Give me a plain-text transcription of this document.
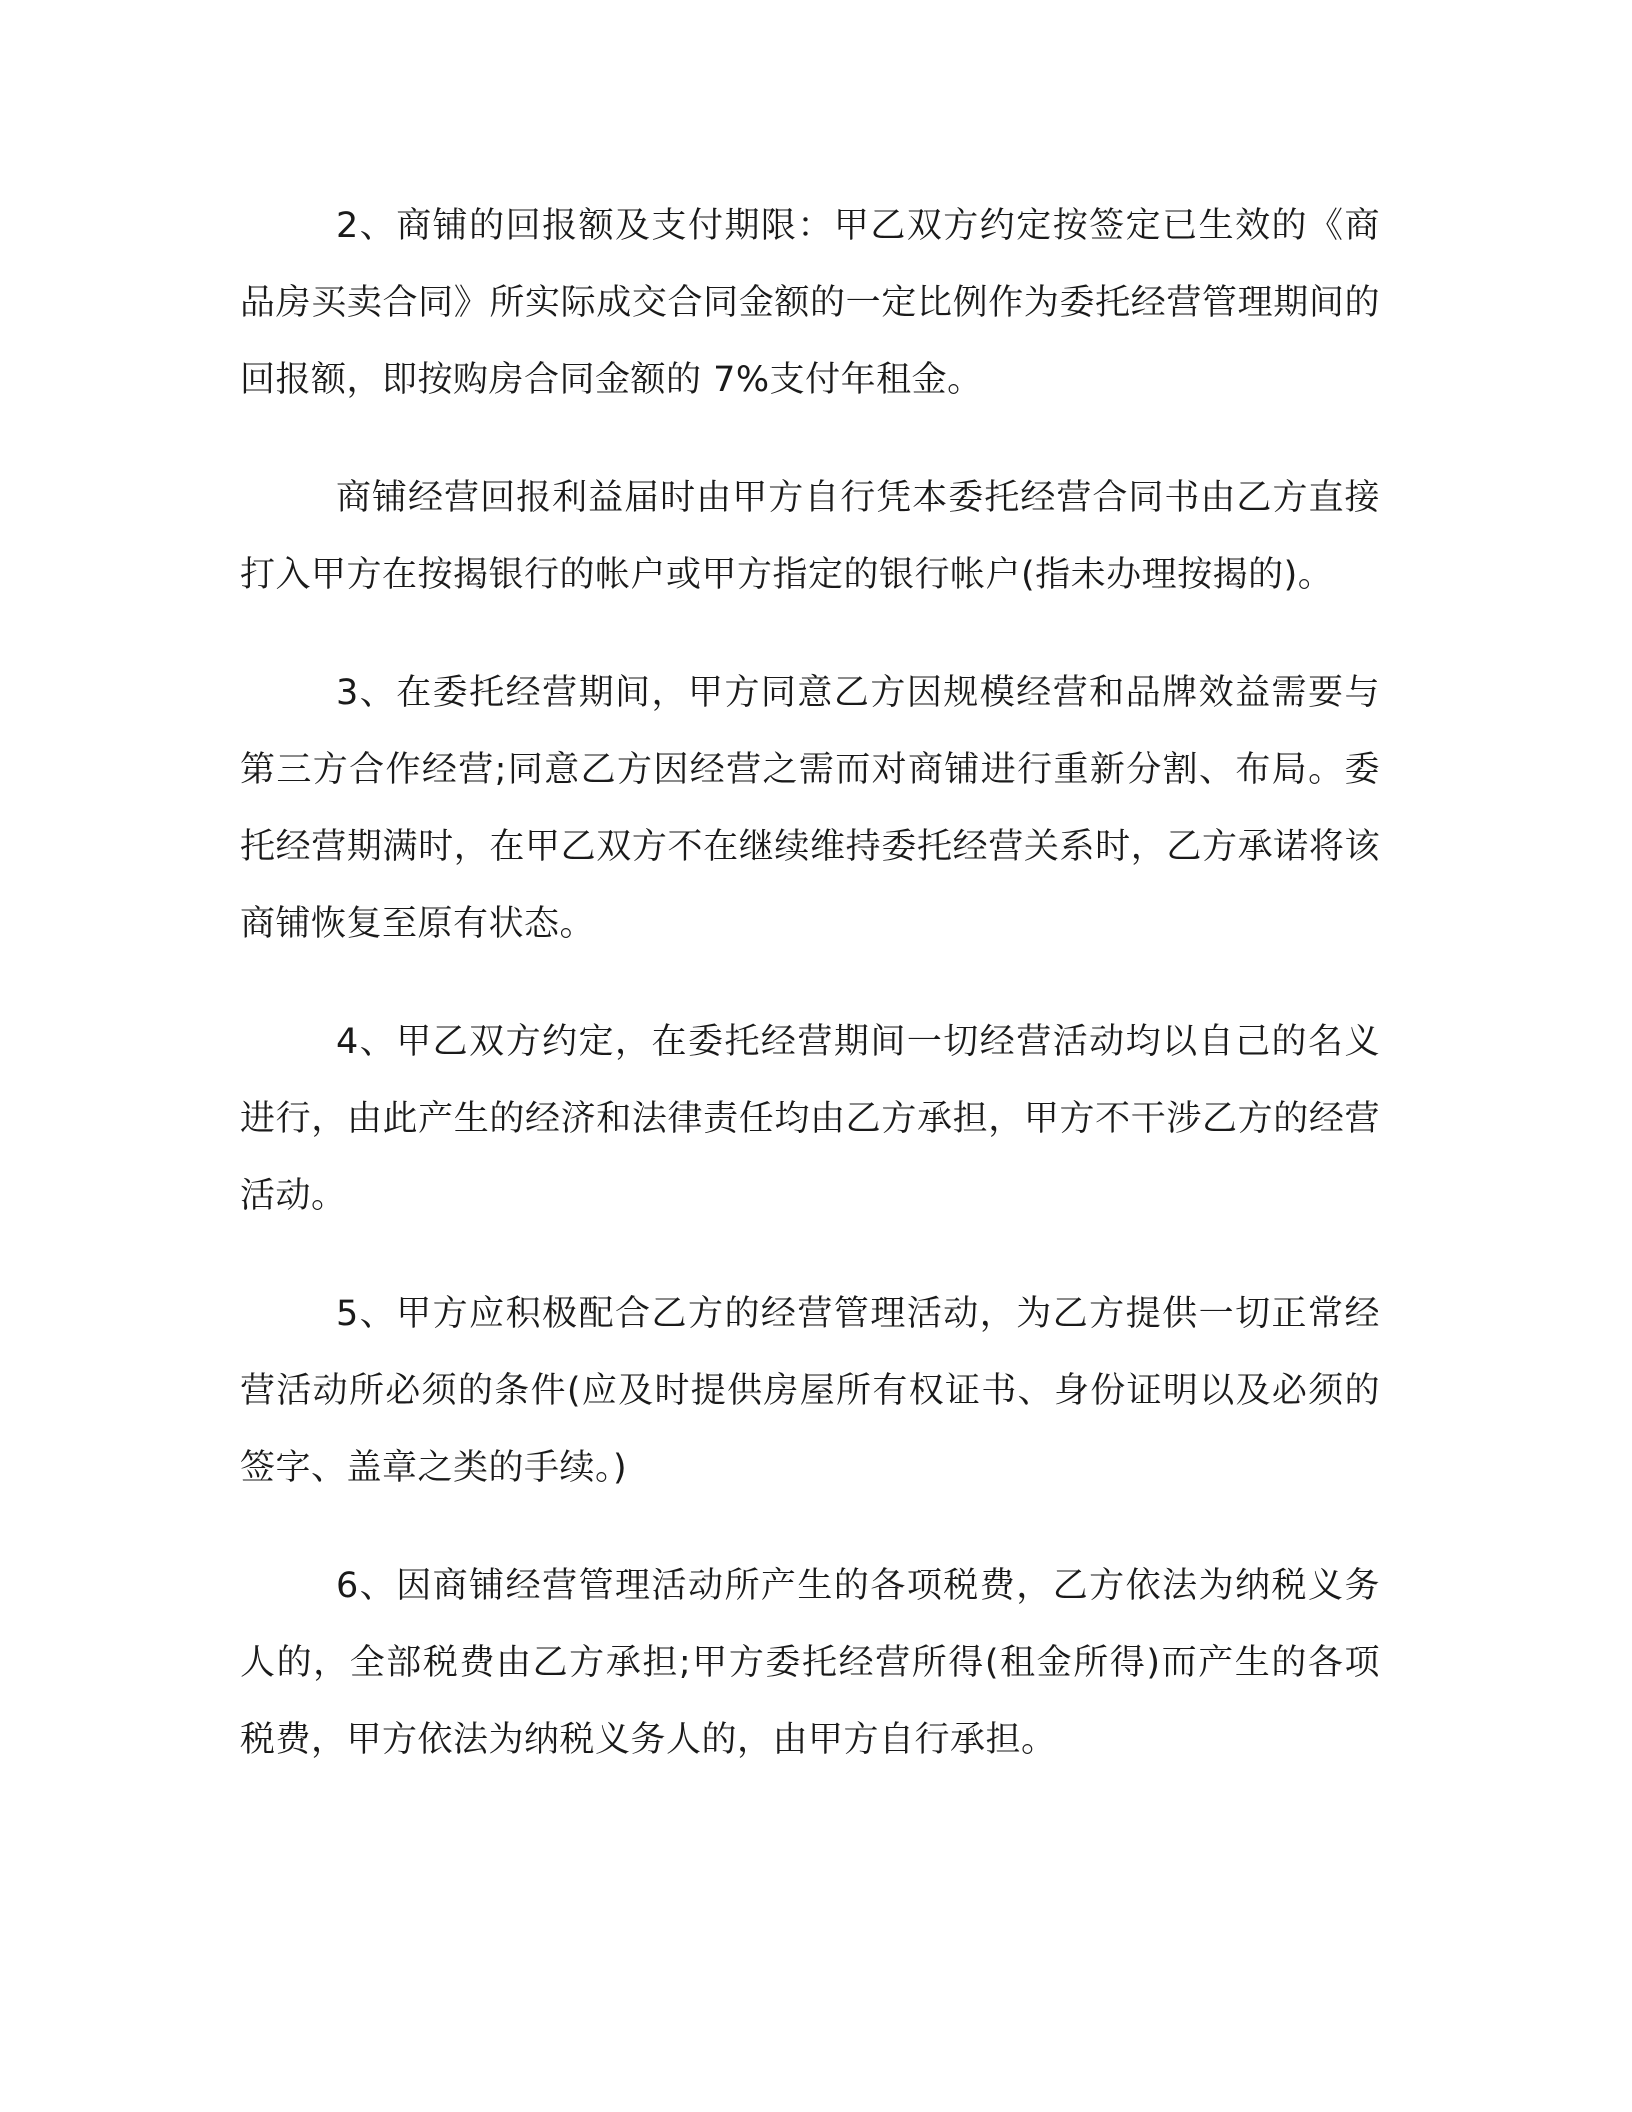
2、商铺的回报额及支付期限：甲乙双方约定按签定已生效的《商品房买卖合同》所实际成交合同金额的一定比例作为委托经营管理期间的回报额，即按购房合同金额的 7%支付年租金。

商铺经营回报利益届时由甲方自行凭本委托经营合同书由乙方直接打入甲方在按揭银行的帐户或甲方指定的银行帐户(指未办理按揭的)。

3、在委托经营期间，甲方同意乙方因规模经营和品牌效益需要与第三方合作经营;同意乙方因经营之需而对商铺进行重新分割、布局。委托经营期满时，在甲乙双方不在继续维持委托经营关系时，乙方承诺将该商铺恢复至原有状态。

4、甲乙双方约定，在委托经营期间一切经营活动均以自己的名义进行，由此产生的经济和法律责任均由乙方承担，甲方不干涉乙方的经营活动。

5、甲方应积极配合乙方的经营管理活动，为乙方提供一切正常经营活动所必须的条件(应及时提供房屋所有权证书、身份证明以及必须的签字、盖章之类的手续。)

6、因商铺经营管理活动所产生的各项税费，乙方依法为纳税义务人的，全部税费由乙方承担;甲方委托经营所得(租金所得)而产生的各项税费，甲方依法为纳税义务人的，由甲方自行承担。
